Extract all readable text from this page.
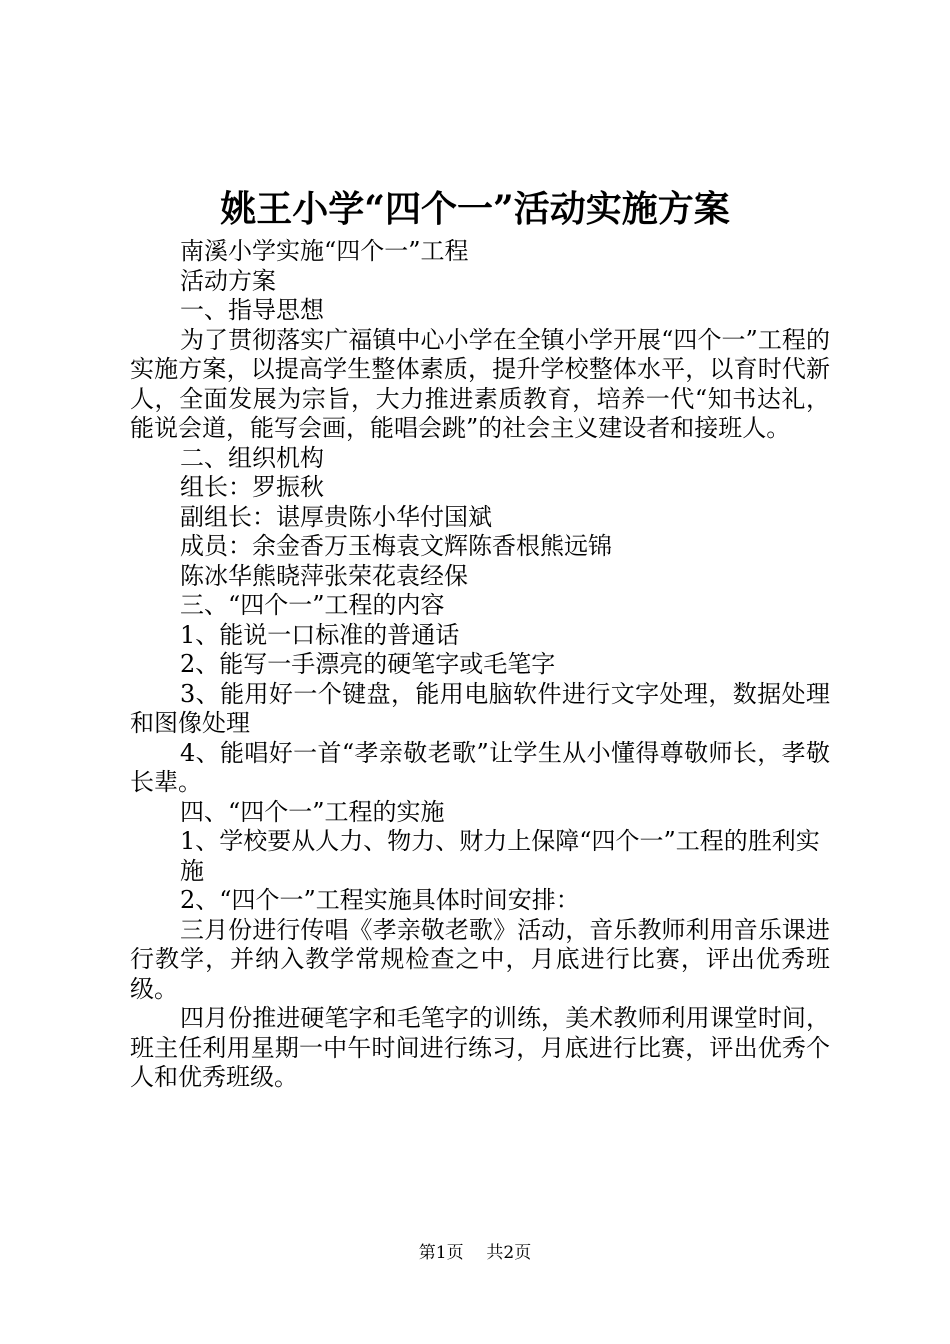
姚王小学“四个一”活动实施方案

南溪小学实施“四个一”工程

活动方案

一、指导思想

为了贯彻落实广福镇中心小学在全镇小学开展“四个一”工程的实施方案，以提高学生整体素质，提升学校整体水平，以育时代新人，全面发展为宗旨，大力推进素质教育，培养一代“知书达礼，能说会道，能写会画，能唱会跳”的社会主义建设者和接班人。

二、组织机构

组长：罗振秋

副组长：谌厚贵陈小华付国斌

成员：余金香万玉梅袁文辉陈香根熊远锦

陈冰华熊晓萍张荣花袁经保

三、“四个一”工程的内容

1、能说一口标准的普通话

2、能写一手漂亮的硬笔字或毛笔字

3、能用好一个键盘，能用电脑软件进行文字处理，数据处理和图像处理

4、能唱好一首“孝亲敬老歌”让学生从小懂得尊敬师长，孝敬长辈。

四、“四个一”工程的实施

1、学校要从人力、物力、财力上保障“四个一”工程的胜利实

施

2、“四个一”工程实施具体时间安排：

三月份进行传唱《孝亲敬老歌》活动，音乐教师利用音乐课进行教学，并纳入教学常规检查之中，月底进行比赛，评出优秀班级。

四月份推进硬笔字和毛笔字的训练，美术教师利用课堂时间，班主任利用星期一中午时间进行练习，月底进行比赛，评出优秀个人和优秀班级。

第1页 共2页
